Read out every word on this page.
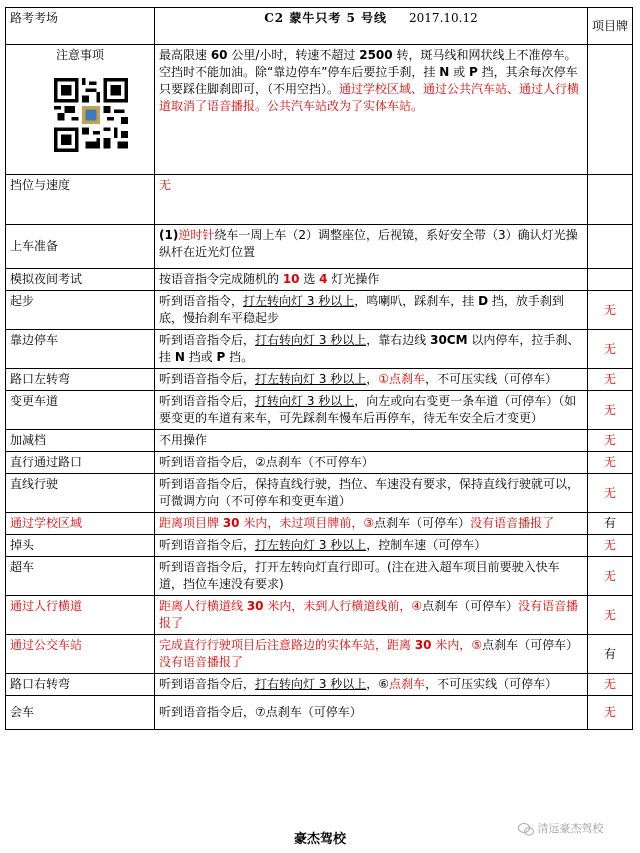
路考考场	C2 蒙牛只考 5 号线 2017.10.12	项目牌

注意事项	最高限速 60 公里/小时，转速不超过 2500 转，斑马线和网状线上不准停车。空挡时不能加油。除“靠边停车”停车后要拉手刹，挂 N 或 P 挡，其余每次停车只要踩住脚刹即可，（不用空挡）。通过学校区域、通过公共汽车站、通过人行横道取消了语音播报。公共汽车站改为了实体车站。	
挡位与速度	无	
上车准备	(1)逆时针绕车一周上车（2）调整座位，后视镜，系好安全带（3）确认灯光操纵杆在近光灯位置	
模拟夜间考试	按语音指令完成随机的 10 选 4 灯光操作	
起步	听到语音指令，打左转向灯 3 秒以上，鸣喇叭，踩刹车，挂 D 挡，放手刹到底，慢抬刹车平稳起步	无
靠边停车	听到语音指令后，打右转向灯 3 秒以上，靠右边线 30CM 以内停车，拉手刹、挂 N 挡或 P 挡。	无
路口左转弯	听到语音指令后，打左转向灯 3 秒以上，①点刹车，不可压实线（可停车）	无
变更车道	听到语音指令后，打转向灯 3 秒以上，向左或向右变更一条车道（可停车）（如要变更的车道有来车，可先踩刹车慢车后再停车，待无车安全后才变更）	无
加减档	不用操作	无
直行通过路口	听到语音指令后，②点刹车（不可停车）	无
直线行驶	听到语音指令后，保持直线行驶，挡位、车速没有要求，保持直线行驶就可以，可微调方向（不可停车和变更车道）	无
通过学校区域	距离项目牌 30 米内，未过项目牌前，③点刹车（可停车）没有语音播报了	有
掉头	听到语音指令后，打左转向灯 3 秒以上，控制车速（可停车）	无
超车	听到语音指令后，打开左转向灯直行即可。(注在进入超车项目前要驶入快车道，挡位车速没有要求)	无
通过人行横道	距离人行横道线 30 米内，未到人行横道线前，④点刹车（可停车）没有语音播报了	无
通过公交车站	完成直行行驶项目后注意路边的实体车站，距离 30 米内，⑤点刹车（可停车）没有语音播报了	有
路口右转弯	听到语音指令后，打右转向灯 3 秒以上，⑥点刹车，不可压实线（可停车）	无
会车	听到语音指令后，⑦点刹车（可停车）	无
豪杰驾校
清远豪杰驾校
